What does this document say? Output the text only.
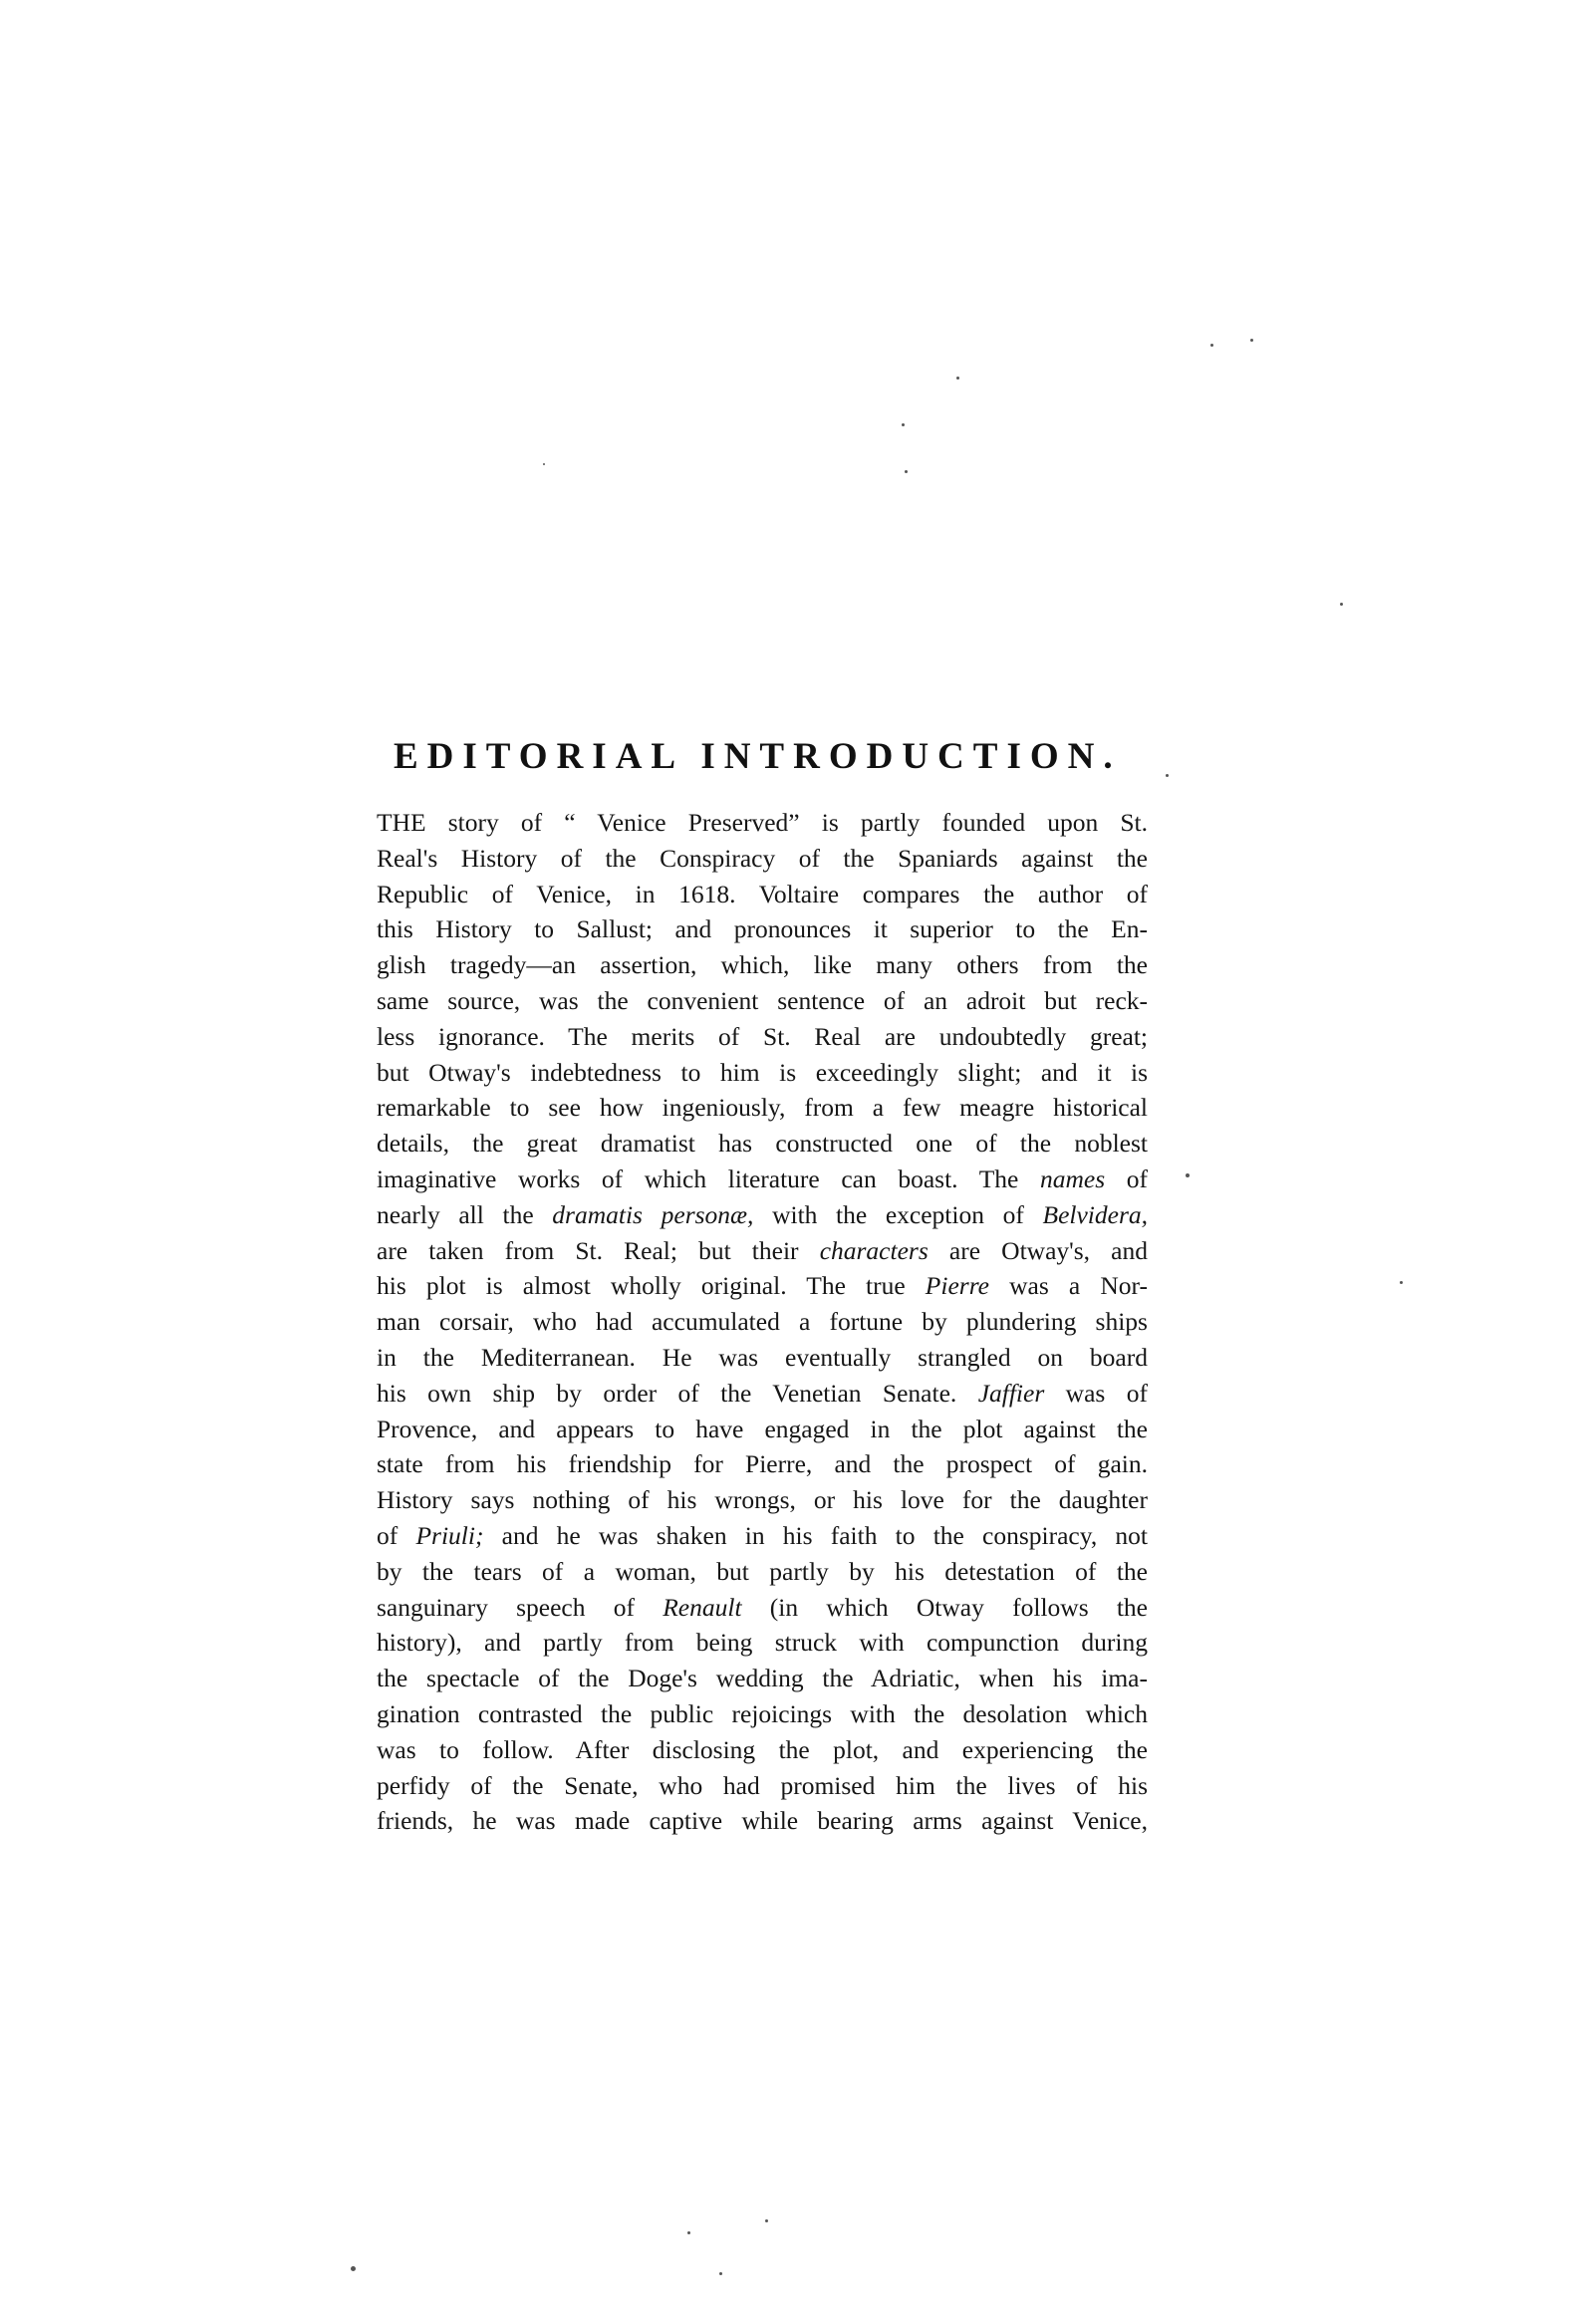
EDITORIAL INTRODUCTION.
THE story of “ Venice Preserved” is partly founded upon St.
Real's History of the Conspiracy of the Spaniards against the
Republic of Venice, in 1618. Voltaire compares the author of
this History to Sallust; and pronounces it superior to the En-
glish tragedy—an assertion, which, like many others from the
same source, was the convenient sentence of an adroit but reck-
less ignorance. The merits of St. Real are undoubtedly great;
but Otway's indebtedness to him is exceedingly slight; and it is
remarkable to see how ingeniously, from a few meagre historical
details, the great dramatist has constructed one of the noblest
imaginative works of which literature can boast. The names of
nearly all the dramatis personæ, with the exception of Belvidera,
are taken from St. Real; but their characters are Otway's, and
his plot is almost wholly original. The true Pierre was a Nor-
man corsair, who had accumulated a fortune by plundering ships
in the Mediterranean. He was eventually strangled on board
his own ship by order of the Venetian Senate. Jaffier was of
Provence, and appears to have engaged in the plot against the
state from his friendship for Pierre, and the prospect of gain.
History says nothing of his wrongs, or his love for the daughter
of Priuli; and he was shaken in his faith to the conspiracy, not
by the tears of a woman, but partly by his detestation of the
sanguinary speech of Renault (in which Otway follows the
history), and partly from being struck with compunction during
the spectacle of the Doge's wedding the Adriatic, when his ima-
gination contrasted the public rejoicings with the desolation which
was to follow. After disclosing the plot, and experiencing the
perfidy of the Senate, who had promised him the lives of his
friends, he was made captive while bearing arms against Venice,
